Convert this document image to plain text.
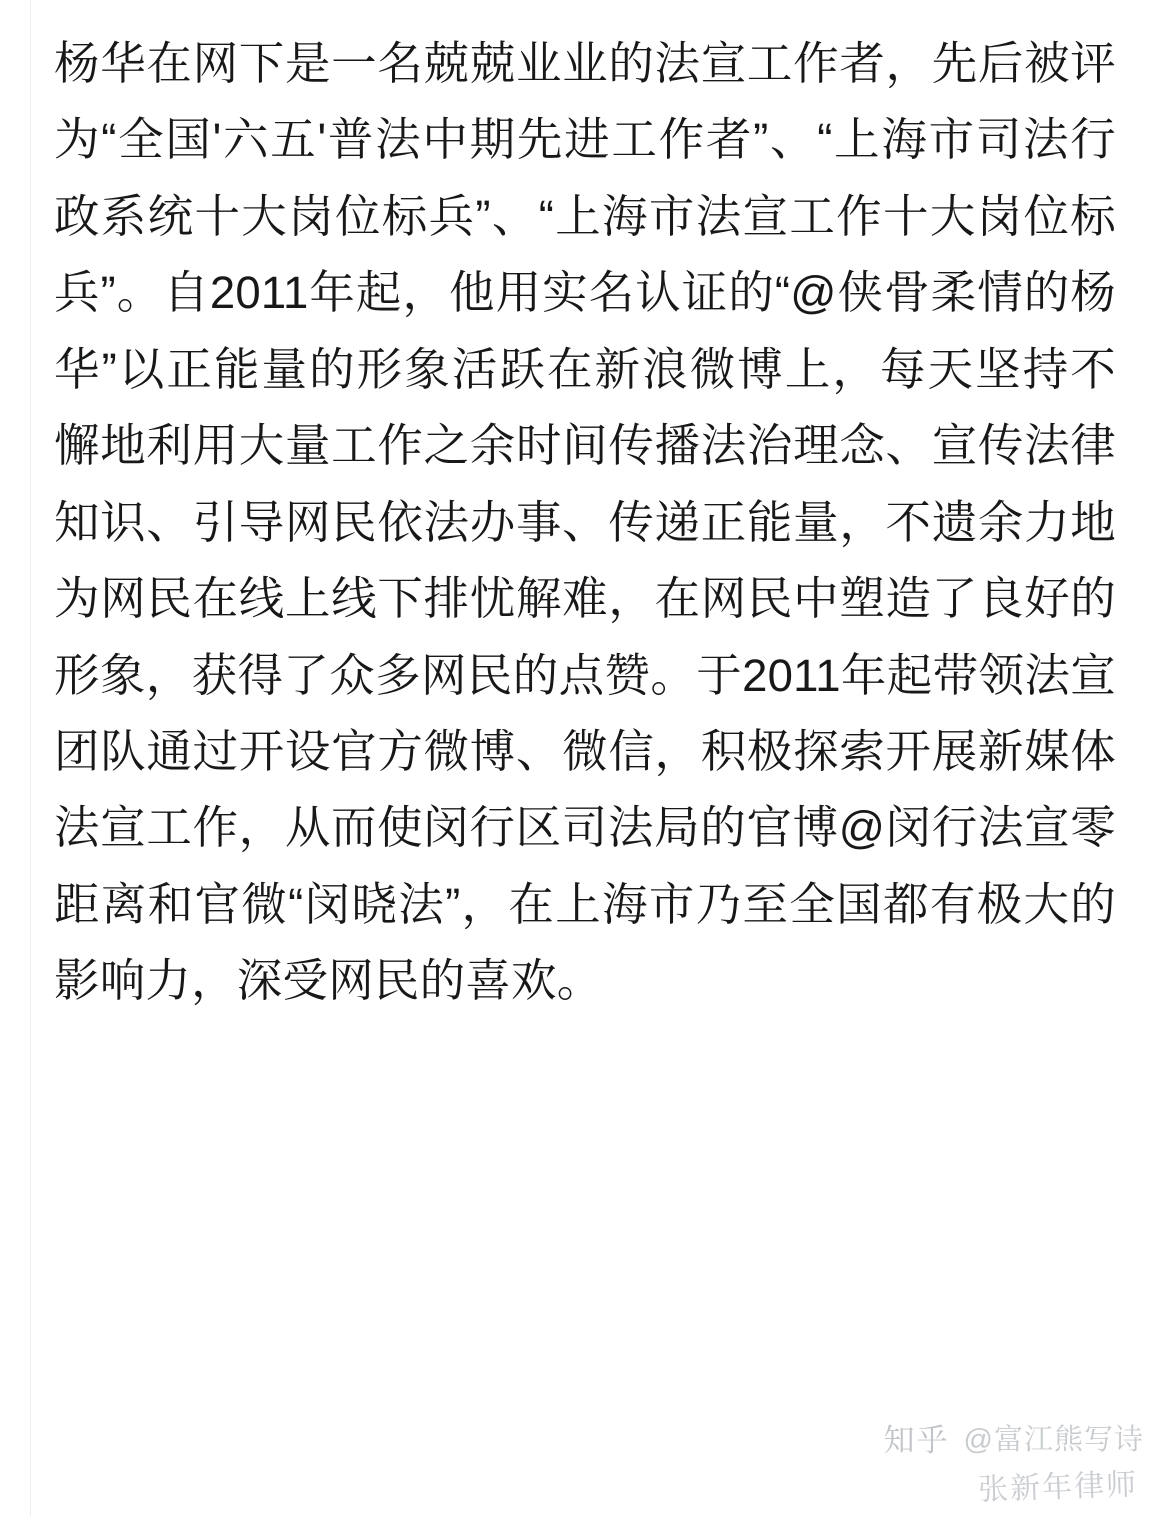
杨华在网下是一名兢兢业业的法宣工作者，先后被评为“全国'六五'普法中期先进工作者”、“上海市司法行政系统十大岗位标兵”、“上海市法宣工作十大岗位标兵”。自2011年起，他用实名认证的“@侠骨柔情的杨华”以正能量的形象活跃在新浪微博上，每天坚持不懈地利用大量工作之余时间传播法治理念、宣传法律知识、引导网民依法办事、传递正能量，不遗余力地为网民在线上线下排忧解难，在网民中塑造了良好的形象，获得了众多网民的点赞。于2011年起带领法宣团队通过开设官方微博、微信，积极探索开展新媒体法宣工作，从而使闵行区司法局的官博@闵行法宣零距离和官微“闵晓法”，在上海市乃至全国都有极大的影响力，深受网民的喜欢。
知乎 @富江熊写诗
张新年律师
